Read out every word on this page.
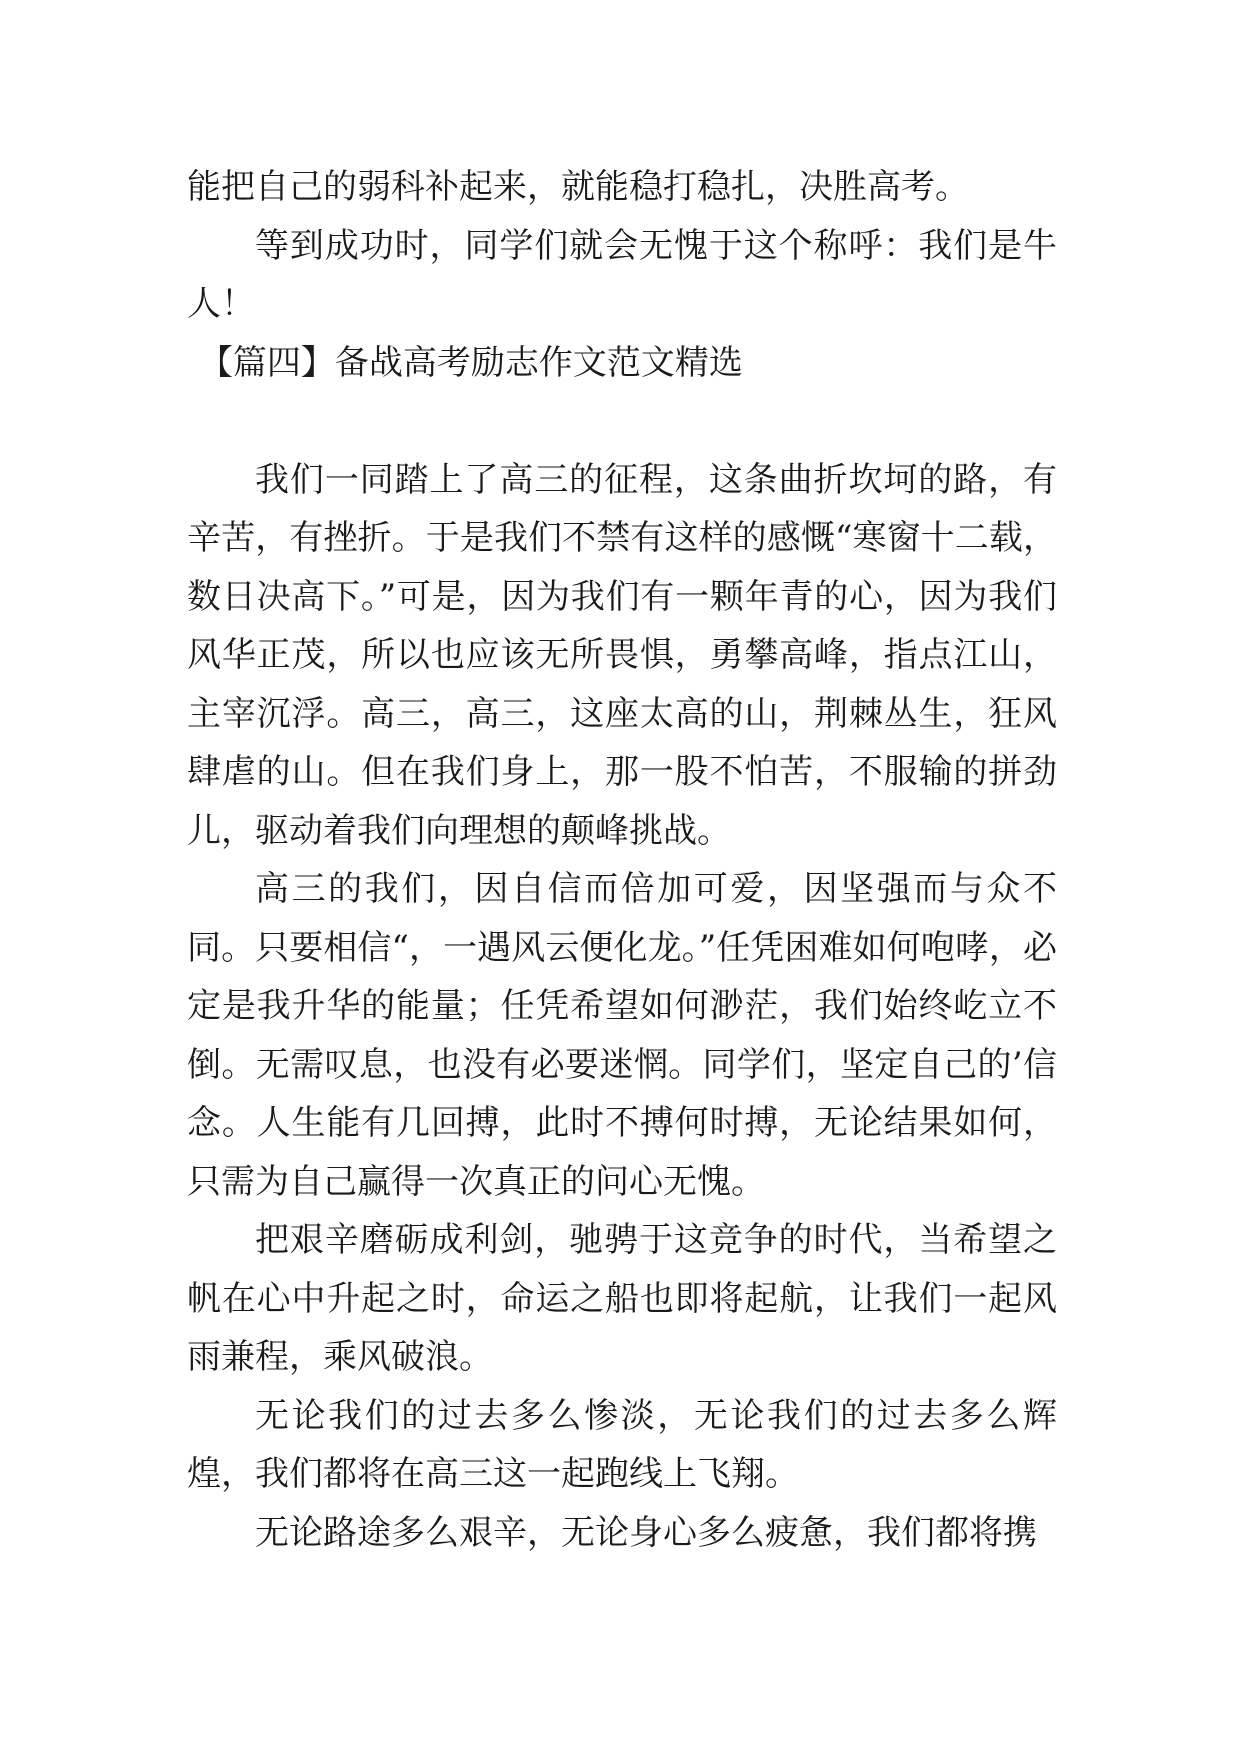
能把自己的弱科补起来，就能稳打稳扎，决胜高考。

等到成功时，同学们就会无愧于这个称呼：我们是牛人！

【篇四】备战高考励志作文范文精选

我们一同踏上了高三的征程，这条曲折坎坷的路，有辛苦，有挫折。于是我们不禁有这样的感慨“寒窗十二载，数日决高下。”可是，因为我们有一颗年青的心，因为我们风华正茂，所以也应该无所畏惧，勇攀高峰，指点江山，主宰沉浮。高三，高三，这座太高的山，荆棘丛生，狂风肆虐的山。但在我们身上，那一股不怕苦，不服输的拼劲儿，驱动着我们向理想的颠峰挑战。

高三的我们，因自信而倍加可爱，因坚强而与众不同。只要相信“，一遇风云便化龙。”任凭困难如何咆哮，必定是我升华的能量；任凭希望如何渺茫，我们始终屹立不倒。无需叹息，也没有必要迷惘。同学们，坚定自己的’信念。人生能有几回搏，此时不搏何时搏，无论结果如何，只需为自己赢得一次真正的问心无愧。

把艰辛磨砺成利剑，驰骋于这竞争的时代，当希望之帆在心中升起之时，命运之船也即将起航，让我们一起风雨兼程，乘风破浪。

无论我们的过去多么惨淡，无论我们的过去多么辉煌，我们都将在高三这一起跑线上飞翔。

无论路途多么艰辛，无论身心多么疲惫，我们都将携
